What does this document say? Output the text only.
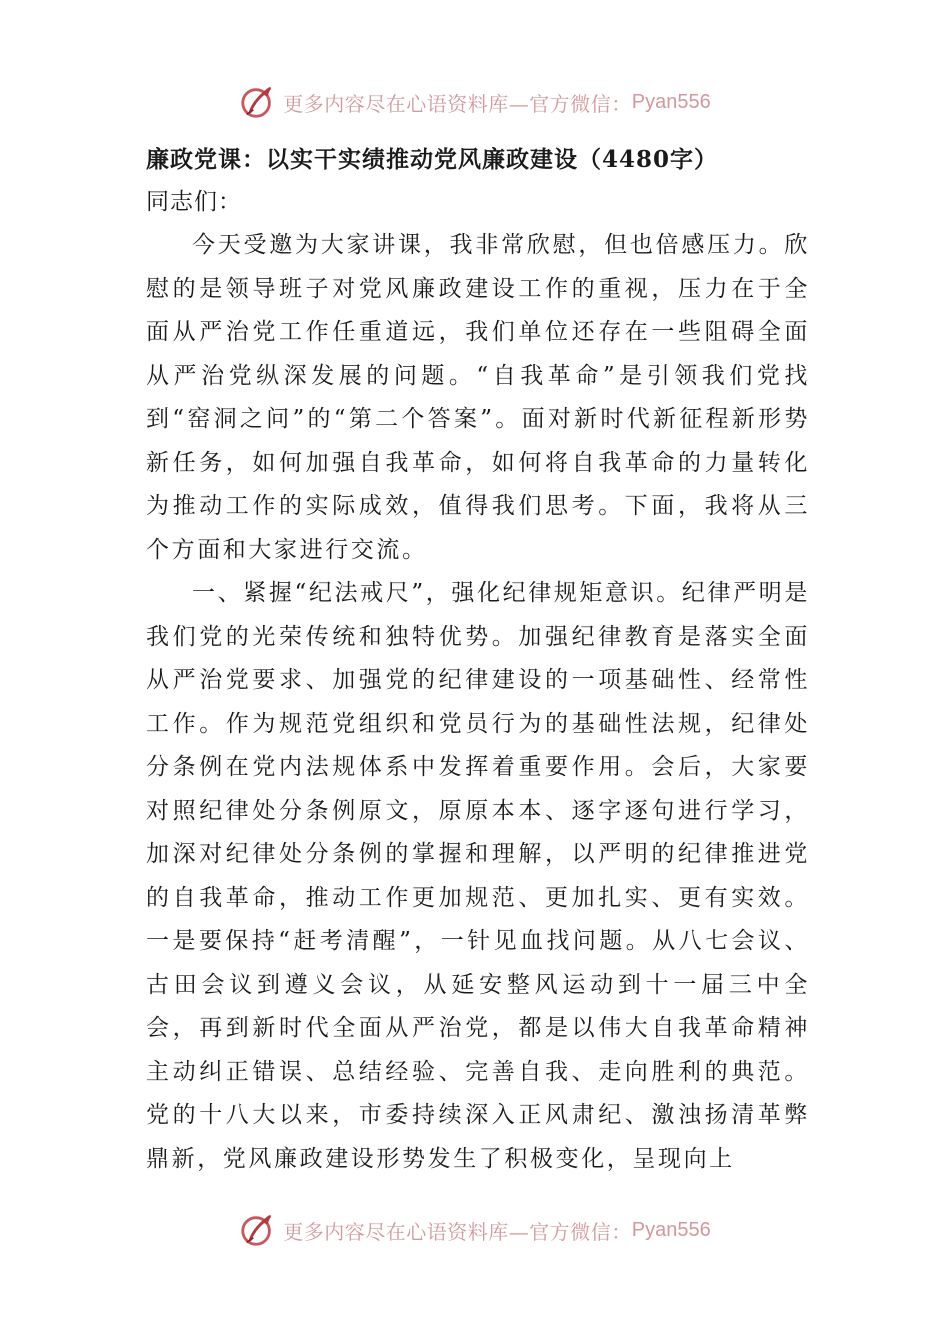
更多内容尽在心语资料库—官方微信： Pyan556
廉政党课：以实干实绩推动党风廉政建设（4480字）

同志们：

今天受邀为大家讲课，我非常欣慰，但也倍感压力。欣慰的是领导班子对党风廉政建设工作的重视，压力在于全面从严治党工作任重道远，我们单位还存在一些阻碍全面从严治党纵深发展的问题。“自我革命”是引领我们党找到“窑洞之问”的“第二个答案”。面对新时代新征程新形势新任务，如何加强自我革命，如何将自我革命的力量转化为推动工作的实际成效，值得我们思考。下面，我将从三个方面和大家进行交流。

一、紧握“纪法戒尺”，强化纪律规矩意识。纪律严明是我们党的光荣传统和独特优势。加强纪律教育是落实全面从严治党要求、加强党的纪律建设的一项基础性、经常性工作。作为规范党组织和党员行为的基础性法规，纪律处分条例在党内法规体系中发挥着重要作用。会后，大家要对照纪律处分条例原文，原原本本、逐字逐句进行学习，加深对纪律处分条例的掌握和理解，以严明的纪律推进党的自我革命，推动工作更加规范、更加扎实、更有实效。一是要保持“赶考清醒”，一针见血找问题。从八七会议、古田会议到遵义会议，从延安整风运动到十一届三中全会，再到新时代全面从严治党，都是以伟大自我革命精神主动纠正错误、总结经验、完善自我、走向胜利的典范。党的十八大以来，市委持续深入正风肃纪、激浊扬清革弊鼎新，党风廉政建设形势发生了积极变化，呈现向上

更多内容尽在心语资料库—官方微信： Pyan556
